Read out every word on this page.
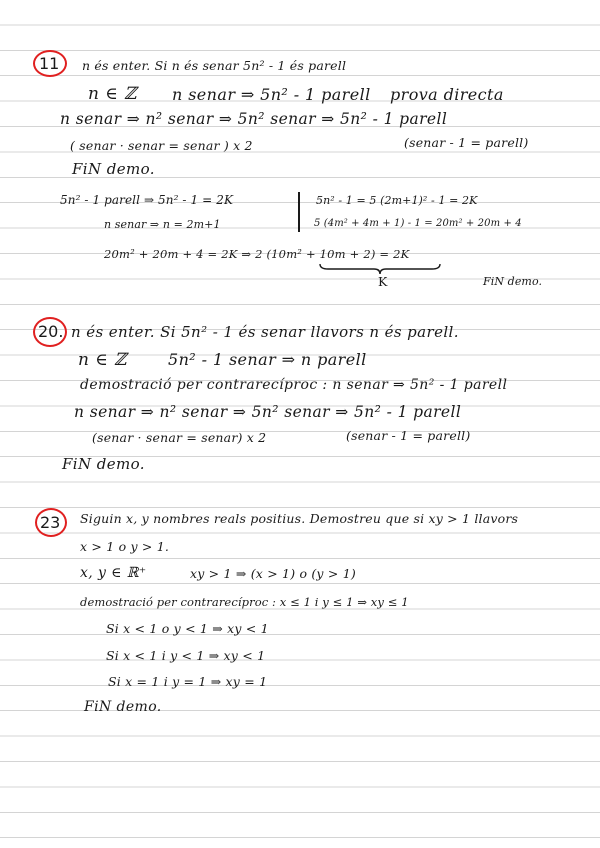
11 n és enter. Si n és senar 5n² - 1 és parell
n ∈ ℤ n senar ⇒ 5n² - 1 parell prova directa
n senar ⇒ n² senar ⇒ 5n² senar ⇒ 5n² - 1 parell
( senar · senar = senar ) x 2	(senar - 1 = parell)
FiN demo.
5n² - 1 parell ⇒ 5n² - 1 = 2K	5n² - 1 = 5 (2m+1)² - 1 = 2K
n senar ⇒ n = 2m+1	5 (4m² + 4m + 1) - 1 = 20m² + 20m + 4
20m² + 20m + 4 = 2K ⇒ 2 (10m² + 10m + 2) = 2K
K	FiN demo.
20. n és enter. Si 5n² - 1 és senar llavors n és parell.
n ∈ ℤ	5n² - 1 senar ⇒ n parell
demostració per contrarecíproc : n senar ⇒ 5n² - 1 parell
n senar ⇒ n² senar ⇒ 5n² senar ⇒ 5n² - 1 parell
(senar · senar = senar) x 2	(senar - 1 = parell)
FiN demo.
23 Siguin x, y nombres reals positius. Demostreu que si xy > 1 llavors
x > 1 o y > 1.
x, y ∈ ℝ⁺	xy > 1 ⇒ (x > 1) o (y > 1)
demostració per contrarecíproc : x ≤ 1 i y ≤ 1 ⇒ xy ≤ 1
Si x < 1 o y < 1 ⇒ xy < 1
Si x < 1 i y < 1 ⇒ xy < 1
Si x = 1 i y = 1 ⇒ xy = 1
FiN demo.
